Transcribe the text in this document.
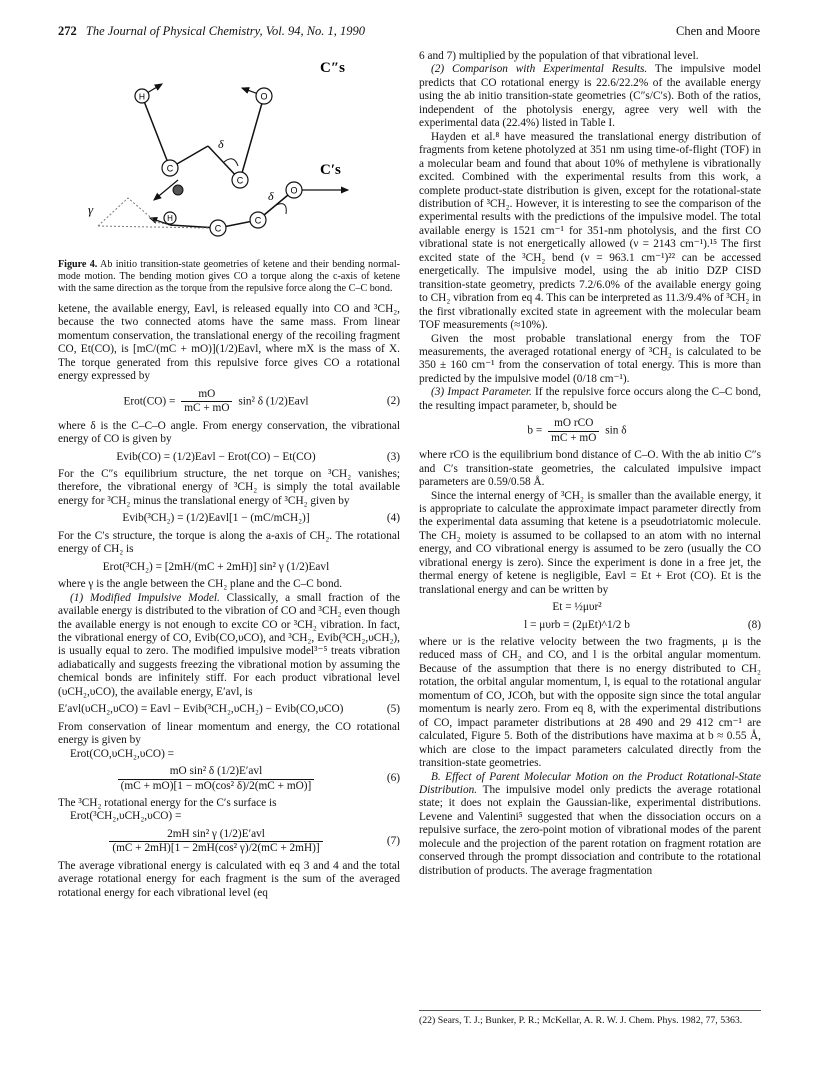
272 The Journal of Physical Chemistry, Vol. 94, No. 1, 1990	Chen and Moore
H	O
C
C
δ
C″s
H
C
C
O
δ
γ
C′s
Figure 4. Ab initio transition-state geometries of ketene and their bending normal-mode motion. The bending motion gives CO a torque along the c-axis of ketene with the same direction as the torque from the repulsive force along the C–C bond.

ketene, the available energy, Eavl, is released equally into CO and ³CH₂, because the two connected atoms have the same mass. From linear momentum conservation, the translational energy of the recoiling fragment CO, Et(CO), is [mC/(mC + mO)](1/2)Eavl, where mX is the mass of X. The torque generated from this repulsive force gives CO a rotational energy expressed by

Erot(CO) = $\frac{mO}{mC + mO} \sin^2$ δ (1/2)Eavl	(2)

where δ is the C–C–O angle. From energy conservation, the vibrational energy of CO is given by

Evib(CO) = (1/2)Eavl − Erot(CO) − Et(CO)	(3)

For the C″s equilibrium structure, the net torque on ³CH₂ vanishes; therefore, the vibrational energy of ³CH₂ is simply the total available energy for ³CH₂ minus the translational energy of ³CH₂ given by

Evib(³CH₂) = (1/2)Eavl[1 − (mC/mCH₂)]	(4)

For the C′s structure, the torque is along the a-axis of CH₂. The rotational energy of CH₂ is

Erot(³CH₂) = [2mH/(mC + 2mH)] sin² γ (1/2)Eavl

where γ is the angle between the CH₂ plane and the C–C bond.

(1) Modified Impulsive Model. Classically, a small fraction of the available energy is distributed to the vibration of CO and ³CH₂ even though the available energy is not enough to excite CO or ³CH₂ vibration. In fact, the vibrational energy of CO, Evib(CO,υCO), and ³CH₂, Evib(³CH₂,υCH₂), is usually equal to zero. The modified impulsive model³⁻⁵ treats vibration adiabatically and suggests freezing the vibrational motion by assuming the chemical bonds are infinitely stiff. For each product vibrational level (υCH₂,υCO), the available energy, E′avl, is

E′avl(υCH₂,υCO) = Eavl − Evib(³CH₂,υCH₂) − Evib(CO,υCO)	(5)

From conservation of linear momentum and energy, the CO rotational energy is given by

Erot(CO,υCH₂,υCO) =

$\frac{\text{mO sin² δ (1/2)E′avl}}{\text{(mC + mO)[1 − mO(cos² δ)/2(mC + mO)]}}$	(6)

The ³CH₂ rotational energy for the C′s surface is

Erot(³CH₂,υCH₂,υCO) =

$\frac{\text{2mH sin² γ (1/2)E′avl}}{\text{(mC + 2mH)[1 − 2mH(cos² γ)/2(mC + 2mH)]}}$	(7)

The average vibrational energy is calculated with eq 3 and 4 and the total average rotational energy for each fragment is the sum of the averaged rotational energy for each vibrational level (eq

6 and 7) multiplied by the population of that vibrational level.

(2) Comparison with Experimental Results. The impulsive model predicts that CO rotational energy is 22.6/22.2% of the available energy using the ab initio transition-state geometries (C″s/C′s). Both of the ratios, independent of the photolysis energy, agree very well with the experimental data (22.4%) listed in Table I.

Hayden et al.⁸ have measured the translational energy distribution of fragments from ketene photolyzed at 351 nm using time-of-flight (TOF) in a molecular beam and found that about 10% of methylene is vibrationally excited. Combined with the experimental results from this work, a complete product-state distribution is given, except for the rotational-state distribution of ³CH₂. However, it is interesting to see the comparison of the experimental results with the predictions of the impulsive model. The total available energy is 1521 cm⁻¹ for 351-nm photolysis, and the first CO vibrational state is not energetically allowed (ν = 2143 cm⁻¹).¹⁵ The first excited state of the ³CH₂ bend (ν = 963.1 cm⁻¹)²² can be accessed energetically. The impulsive model, using the ab initio DZP CISD transition-state geometry, predicts 7.2/6.0% of the available energy going to CH₂ vibration from eq 4. This can be interpreted as 11.3/9.4% of ³CH₂ in the first vibrationally excited state in agreement with the molecular beam TOF measurements (≈10%).

Given the most probable translational energy from the TOF measurements, the averaged rotational energy of ³CH₂ is calculated to be 350 ± 160 cm⁻¹ from the conservation of total energy. This is more than predicted by the impulsive model (0/18 cm⁻¹).

(3) Impact Parameter. If the repulsive force occurs along the C–C bond, the resulting impact parameter, b, should be

$b = \frac{\text{mO rCO}}{mC + mO}$ sin δ

where rCO is the equilibrium bond distance of C–O. With the ab initio C″s and C′s transition-state geometries, the calculated impulsive impact parameters are 0.59/0.58 Å.

Since the internal energy of ³CH₂ is smaller than the available energy, it is appropriate to calculate the approximate impact parameter directly from the experimental data assuming that ketene is a pseudotriatomic molecule. The CH₂ moiety is assumed to be collapsed to an atom with no internal energy, and CO vibrational energy is assumed to be zero (usually the CO vibrational energy is zero). Since the experiment is done in a free jet, the thermal energy of ketene is negligible, Eavl = Et + Erot (CO). Et is the translational energy and can be written by

Et = ½μυr²
l = μυrb = (2μEt)^1/2 b	(8)

where υr is the relative velocity between the two fragments, μ is the reduced mass of CH₂ and CO, and l is the orbital angular momentum. Because of the assumption that there is no energy distributed to CH₂ rotation, the orbital angular momentum, l, is equal to the rotational angular momentum of CO, JCOħ, but with the opposite sign since the total angular momentum is nearly zero. From eq 8, with the experimental distributions of CO, impact parameter distributions at 28 490 and 29 412 cm⁻¹ are calculated, Figure 5. Both of the distributions have maxima at b ≈ 0.55 Å, which are close to the impact parameters calculated directly from the transition-state geometries.

B. Effect of Parent Molecular Motion on the Product Rotational-State Distribution. The impulsive model only predicts the average rotational state; it does not explain the Gaussian-like, experimental distributions. Levene and Valentini⁵ suggested that when the dissociation occurs on a repulsive surface, the zero-point motion of vibrational modes of the parent molecule and the projection of the parent rotation on fragment rotation are conserved through the prompt dissociation and contribute to the rotational distribution of products. The average fragmentation

(22) Sears, T. J.; Bunker, P. R.; McKellar, A. R. W. J. Chem. Phys. 1982, 77, 5363.
